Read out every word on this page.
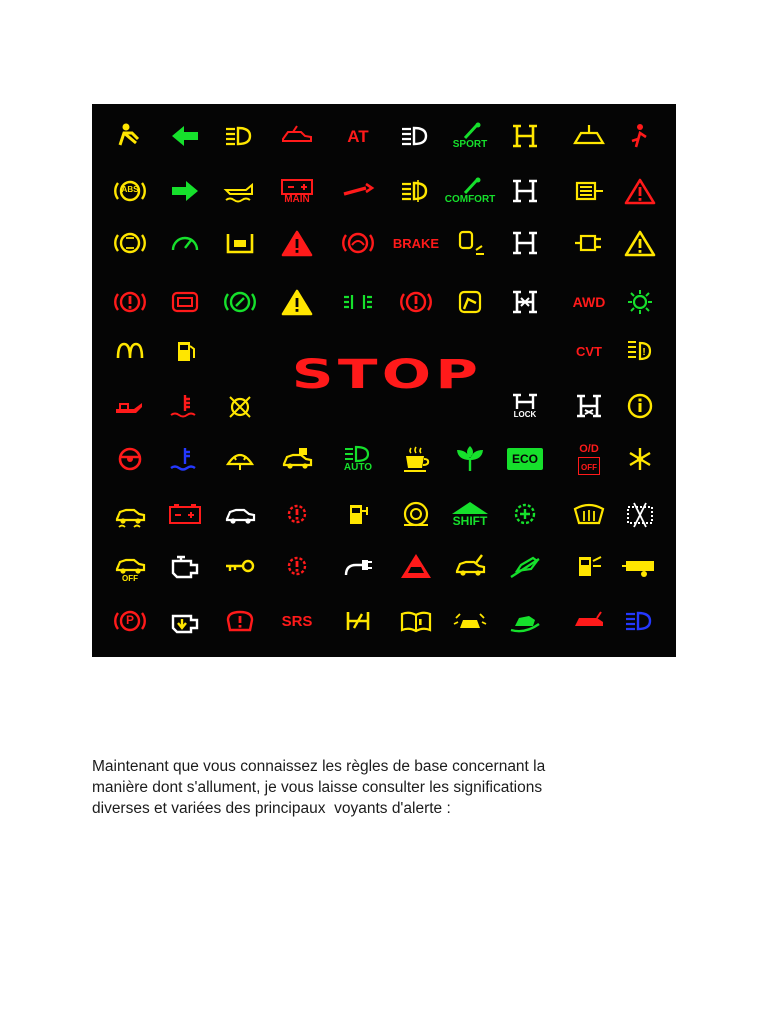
STOP
AT	SPORT
ABS
MAIN	COMFORT
BRAKE
AWD
CVT	!
LOCK
AUTO
ECO
O/D
OFF
SHIFT
OFF
P	SRS
Maintenant que vous connaissez les règles de base concernant la
manière dont s'allument, je vous laisse consulter les significations
diverses et variées des principaux  voyants d'alerte :
